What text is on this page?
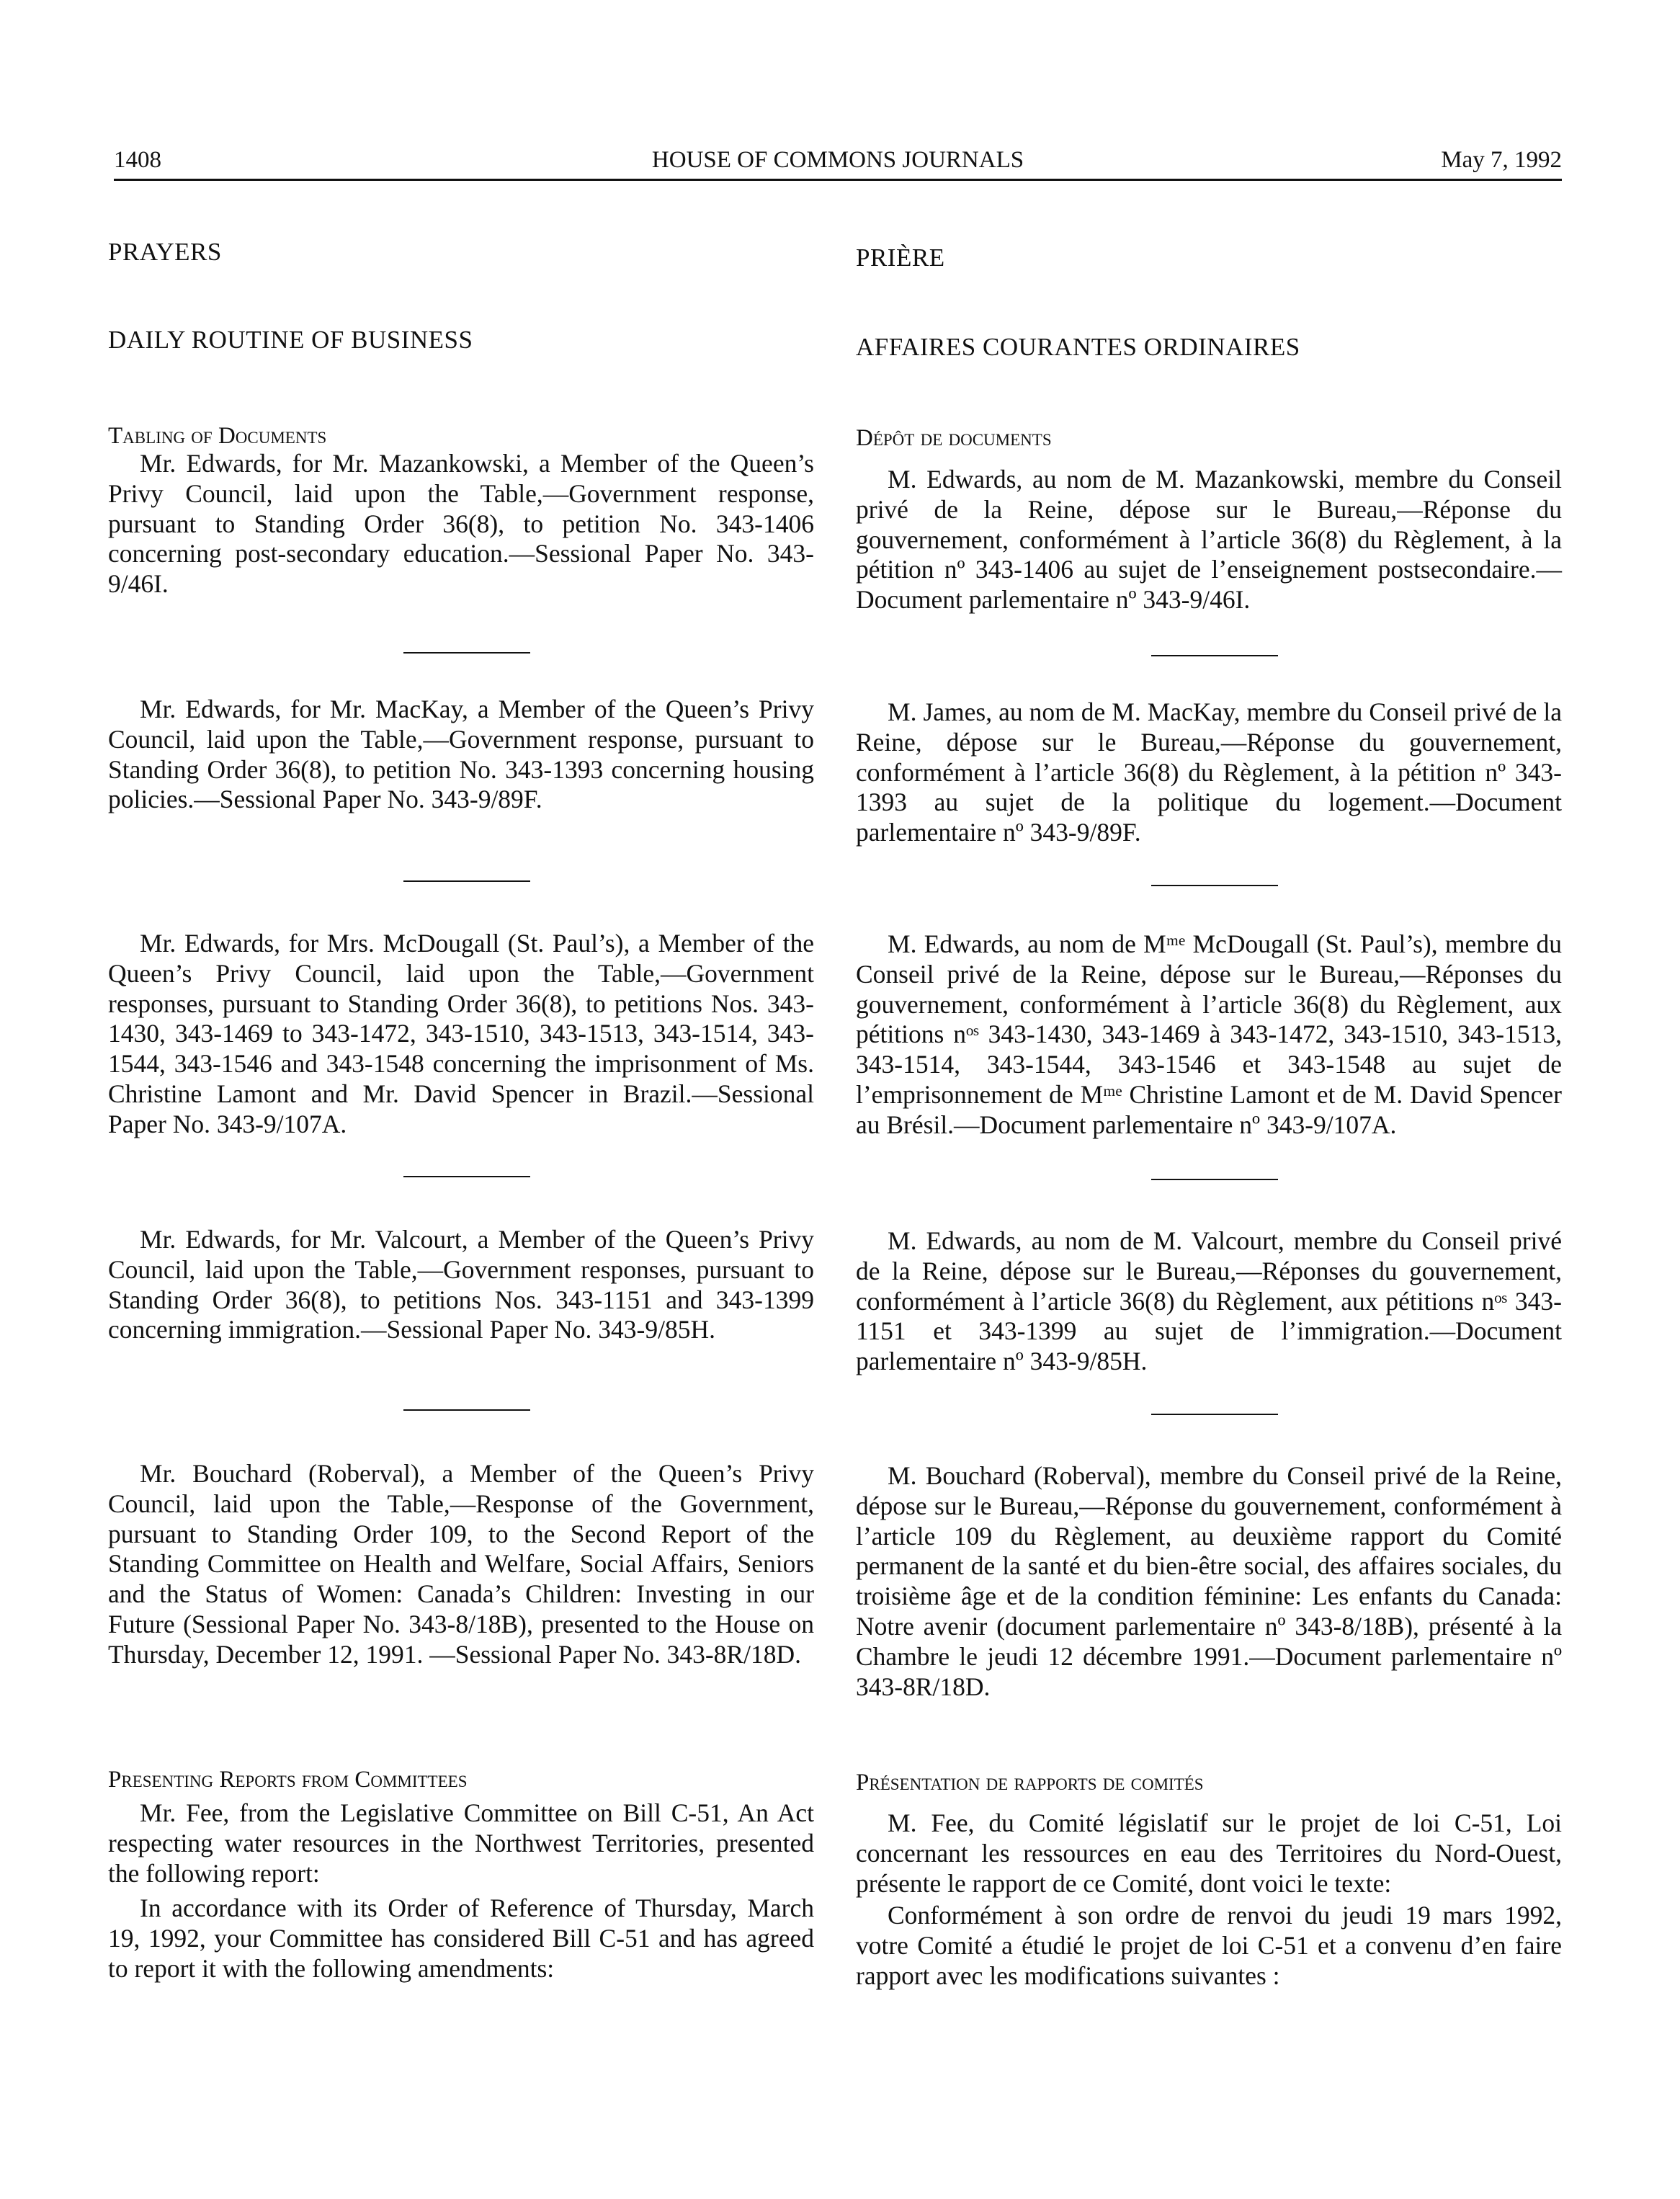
1408	HOUSE OF COMMONS JOURNALS	May 7, 1992
PRAYERS
DAILY ROUTINE OF BUSINESS
Tabling of Documents

Mr. Edwards, for Mr. Mazankowski, a Member of the Queen’s Privy Council, laid upon the Table,—Government response, pursuant to Standing Order 36(8), to petition No. 343-1406 concerning post-secondary education.—Sessional Paper No. 343-9/46I.

Mr. Edwards, for Mr. MacKay, a Member of the Queen’s Privy Council, laid upon the Table,—Government response, pursuant to Standing Order 36(8), to petition No. 343-1393 concerning housing policies.—Sessional Paper No. 343-9/89F.

Mr. Edwards, for Mrs. McDougall (St. Paul’s), a Member of the Queen’s Privy Council, laid upon the Table,—Government responses, pursuant to Standing Order 36(8), to petitions Nos. 343-1430, 343-1469 to 343-1472, 343-1510, 343-1513, 343-1514, 343-1544, 343-1546 and 343-1548 concerning the imprisonment of Ms. Christine Lamont and Mr. David Spencer in Brazil.—Sessional Paper No. 343-9/107A.

Mr. Edwards, for Mr. Valcourt, a Member of the Queen’s Privy Council, laid upon the Table,—Government responses, pursuant to Standing Order 36(8), to petitions Nos. 343-1151 and 343-1399 concerning immigration.—Sessional Paper No. 343-9/85H.

Mr. Bouchard (Roberval), a Member of the Queen’s Privy Council, laid upon the Table,—Response of the Government, pursuant to Standing Order 109, to the Second Report of the Standing Committee on Health and Welfare, Social Affairs, Seniors and the Status of Women: Canada’s Children: Investing in our Future (Sessional Paper No. 343-8/18B), presented to the House on Thursday, December 12, 1991. —Sessional Paper No. 343-8R/18D.

Presenting Reports from Committees

Mr. Fee, from the Legislative Committee on Bill C-51, An Act respecting water resources in the Northwest Territories, presented the following report:

In accordance with its Order of Reference of Thursday, March 19, 1992, your Committee has considered Bill C-51 and has agreed to report it with the following amendments:

PRIÈRE
AFFAIRES COURANTES ORDINAIRES
Dépôt de documents

M. Edwards, au nom de M. Mazankowski, membre du Conseil privé de la Reine, dépose sur le Bureau,—Réponse du gouvernement, conformément à l’article 36(8) du Règlement, à la pétition nº 343-1406 au sujet de l’enseignement postsecondaire.—Document parlementaire nº 343-9/46I.

M. James, au nom de M. MacKay, membre du Conseil privé de la Reine, dépose sur le Bureau,—Réponse du gouvernement, conformément à l’article 36(8) du Règlement, à la pétition nº 343-1393 au sujet de la politique du logement.—Document parlementaire nº 343-9/89F.

M. Edwards, au nom de Mᵐᵉ McDougall (St. Paul’s), membre du Conseil privé de la Reine, dépose sur le Bureau,—Réponses du gouvernement, conformément à l’article 36(8) du Règlement, aux pétitions nᵒˢ 343-1430, 343-1469 à 343-1472, 343-1510, 343-1513, 343-1514, 343-1544, 343-1546 et 343-1548 au sujet de l’emprisonnement de Mᵐᵉ Christine Lamont et de M. David Spencer au Brésil.—Document parlementaire nº 343-9/107A.

M. Edwards, au nom de M. Valcourt, membre du Conseil privé de la Reine, dépose sur le Bureau,—Réponses du gouvernement, conformément à l’article 36(8) du Règlement, aux pétitions nᵒˢ 343-1151 et 343-1399 au sujet de l’immigration.—Document parlementaire nº 343-9/85H.

M. Bouchard (Roberval), membre du Conseil privé de la Reine, dépose sur le Bureau,—Réponse du gouvernement, conformément à l’article 109 du Règlement, au deuxième rapport du Comité permanent de la santé et du bien-être social, des affaires sociales, du troisième âge et de la condition féminine: Les enfants du Canada: Notre avenir (document parlementaire nº 343-8/18B), présenté à la Chambre le jeudi 12 décembre 1991.—Document parlementaire nº 343-8R/18D.

Présentation de rapports de comités

M. Fee, du Comité législatif sur le projet de loi C-51, Loi concernant les ressources en eau des Territoires du Nord-Ouest, présente le rapport de ce Comité, dont voici le texte:

Conformément à son ordre de renvoi du jeudi 19 mars 1992, votre Comité a étudié le projet de loi C-51 et a convenu d’en faire rapport avec les modifications suivantes :
